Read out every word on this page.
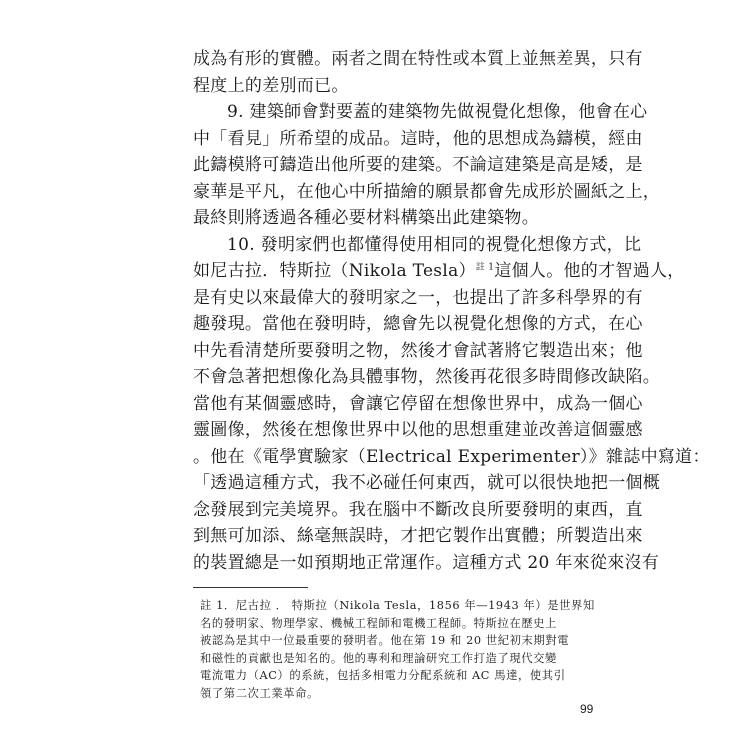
成為有形的實體。兩者之間在特性或本質上並無差異，只有
程度上的差別而已。
9. 建築師會對要蓋的建築物先做視覺化想像，他會在心
中「看見」所希望的成品。這時，他的思想成為鑄模，經由
此鑄模將可鑄造出他所要的建築。不論這建築是高是矮，是
豪華是平凡，在他心中所描繪的願景都會先成形於圖紙之上，
最終則將透過各種必要材料構築出此建築物。
10. 發明家們也都懂得使用相同的視覺化想像方式，比
如尼古拉．特斯拉（Nikola Tesla）$^{註 1}$這個人。他的才智過人，
是有史以來最偉大的發明家之一，也提出了許多科學界的有
趣發現。當他在發明時，總會先以視覺化想像的方式，在心
中先看清楚所要發明之物，然後才會試著將它製造出來；他
不會急著把想像化為具體事物，然後再花很多時間修改缺陷。
當他有某個靈感時，會讓它停留在想像世界中，成為一個心
靈圖像，然後在想像世界中以他的思想重建並改善這個靈感
。他在《電學實驗家（Electrical Experimenter）》雜誌中寫道：
「透過這種方式，我不必碰任何東西，就可以很快地把一個概
念發展到完美境界。我在腦中不斷改良所要發明的東西，直
到無可加添、絲毫無誤時，才把它製作出實體；所製造出來
的裝置總是一如預期地正常運作。這種方式 20 年來從來沒有
註 1．尼古拉 ． 特斯拉（Nikola Tesla，1856 年—1943 年）是世界知
名的發明家、物理學家、機械工程師和電機工程師。特斯拉在歷史上
被認為是其中一位最重要的發明者。他在第 19 和 20 世紀初末期對電
和磁性的貢獻也是知名的。他的專利和理論研究工作打造了現代交變
電流電力（AC）的系統，包括多相電力分配系統和 AC 馬達，使其引
領了第二次工業革命。
99
